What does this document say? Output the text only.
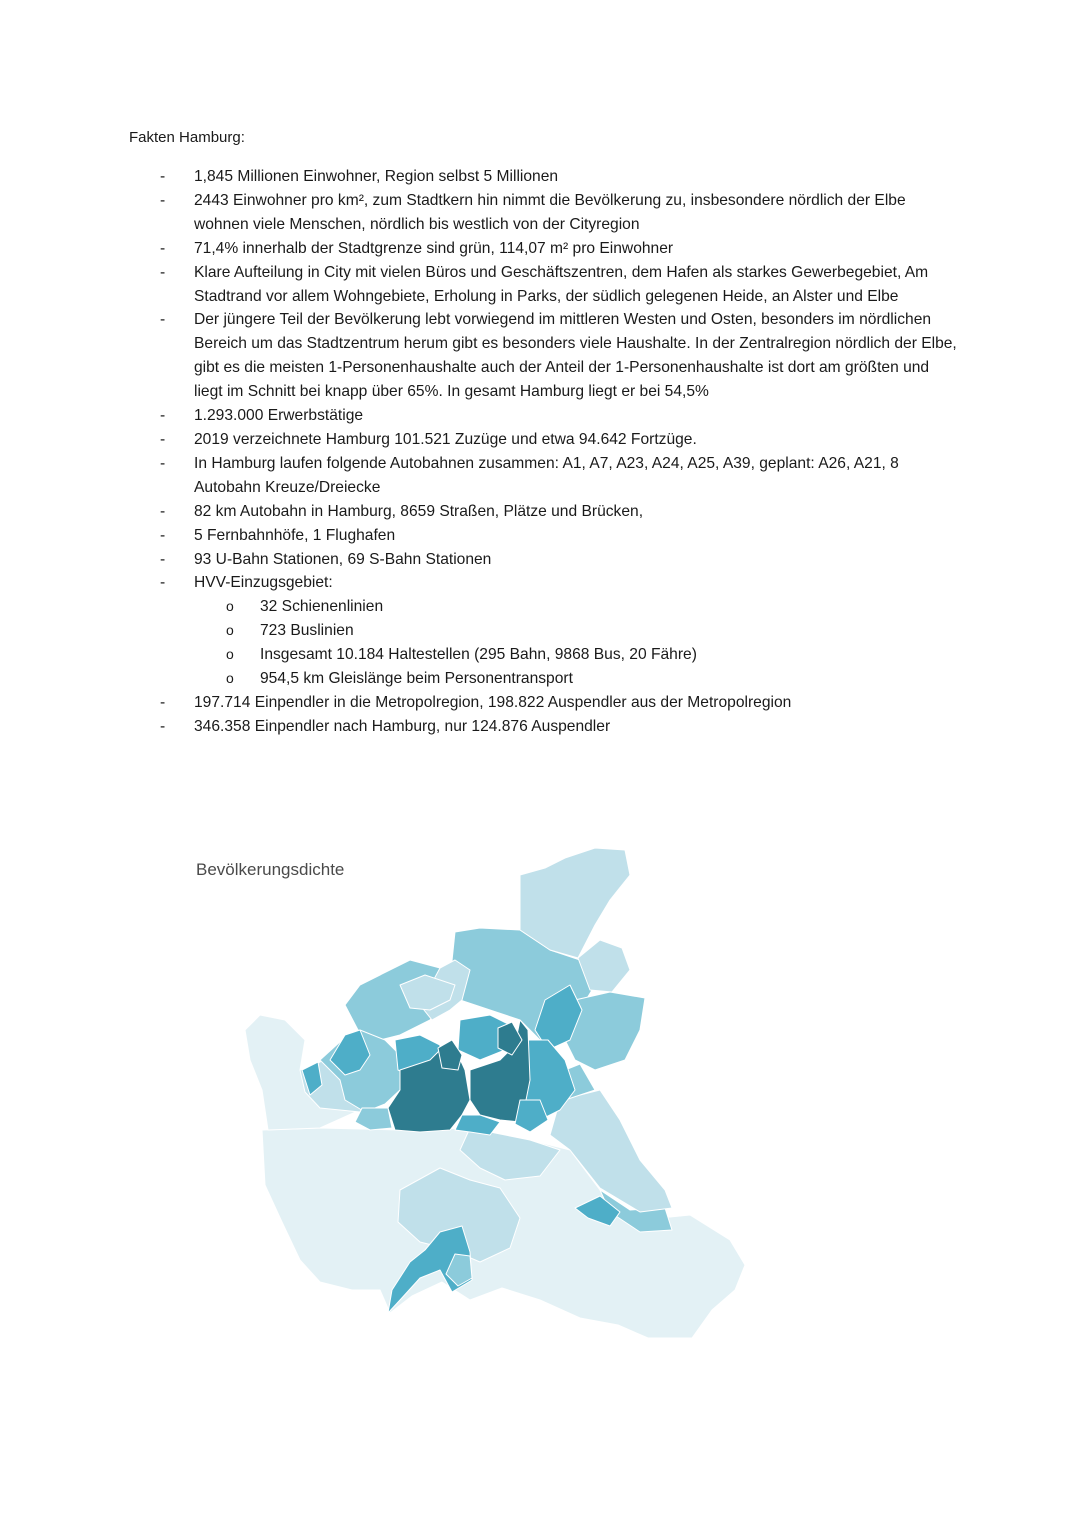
Fakten Hamburg:
- 1,845 Millionen Einwohner, Region selbst 5 Millionen
- 2443 Einwohner pro km², zum Stadtkern hin nimmt die Bevölkerung zu, insbesondere nördlich der Elbe wohnen viele Menschen, nördlich bis westlich von der Cityregion
- 71,4% innerhalb der Stadtgrenze sind grün, 114,07 m² pro Einwohner
- Klare Aufteilung in City mit vielen Büros und Geschäftszentren, dem Hafen als starkes Gewerbegebiet, Am Stadtrand vor allem Wohngebiete, Erholung in Parks, der südlich gelegenen Heide, an Alster und Elbe
- Der jüngere Teil der Bevölkerung lebt vorwiegend im mittleren Westen und Osten, besonders im nördlichen Bereich um das Stadtzentrum herum gibt es besonders viele Haushalte. In der Zentralregion nördlich der Elbe, gibt es die meisten 1-Personenhaushalte auch der Anteil der 1-Personenhaushalte ist dort am größten und liegt im Schnitt bei knapp über 65%. In gesamt Hamburg liegt er bei 54,5%
- 1.293.000 Erwerbstätige
- 2019 verzeichnete Hamburg 101.521 Zuzüge und etwa 94.642 Fortzüge.
- In Hamburg laufen folgende Autobahnen zusammen: A1, A7, A23, A24, A25, A39, geplant: A26, A21, 8 Autobahn Kreuze/Dreiecke
- 82 km Autobahn in Hamburg, 8659 Straßen, Plätze und Brücken,
- 5 Fernbahnhöfe, 1 Flughafen
- 93 U-Bahn Stationen, 69 S-Bahn Stationen
- HVV-Einzugsgebiet:
o 32 Schienenlinien
o 723 Buslinien
o Insgesamt 10.184 Haltestellen (295 Bahn, 9868 Bus, 20 Fähre)
o 954,5 km Gleislänge beim Personentransport
- 197.714 Einpendler in die Metropolregion, 198.822 Auspendler aus der Metropolregion
- 346.358 Einpendler nach Hamburg, nur 124.876 Auspendler
Bevölkerungsdichte
